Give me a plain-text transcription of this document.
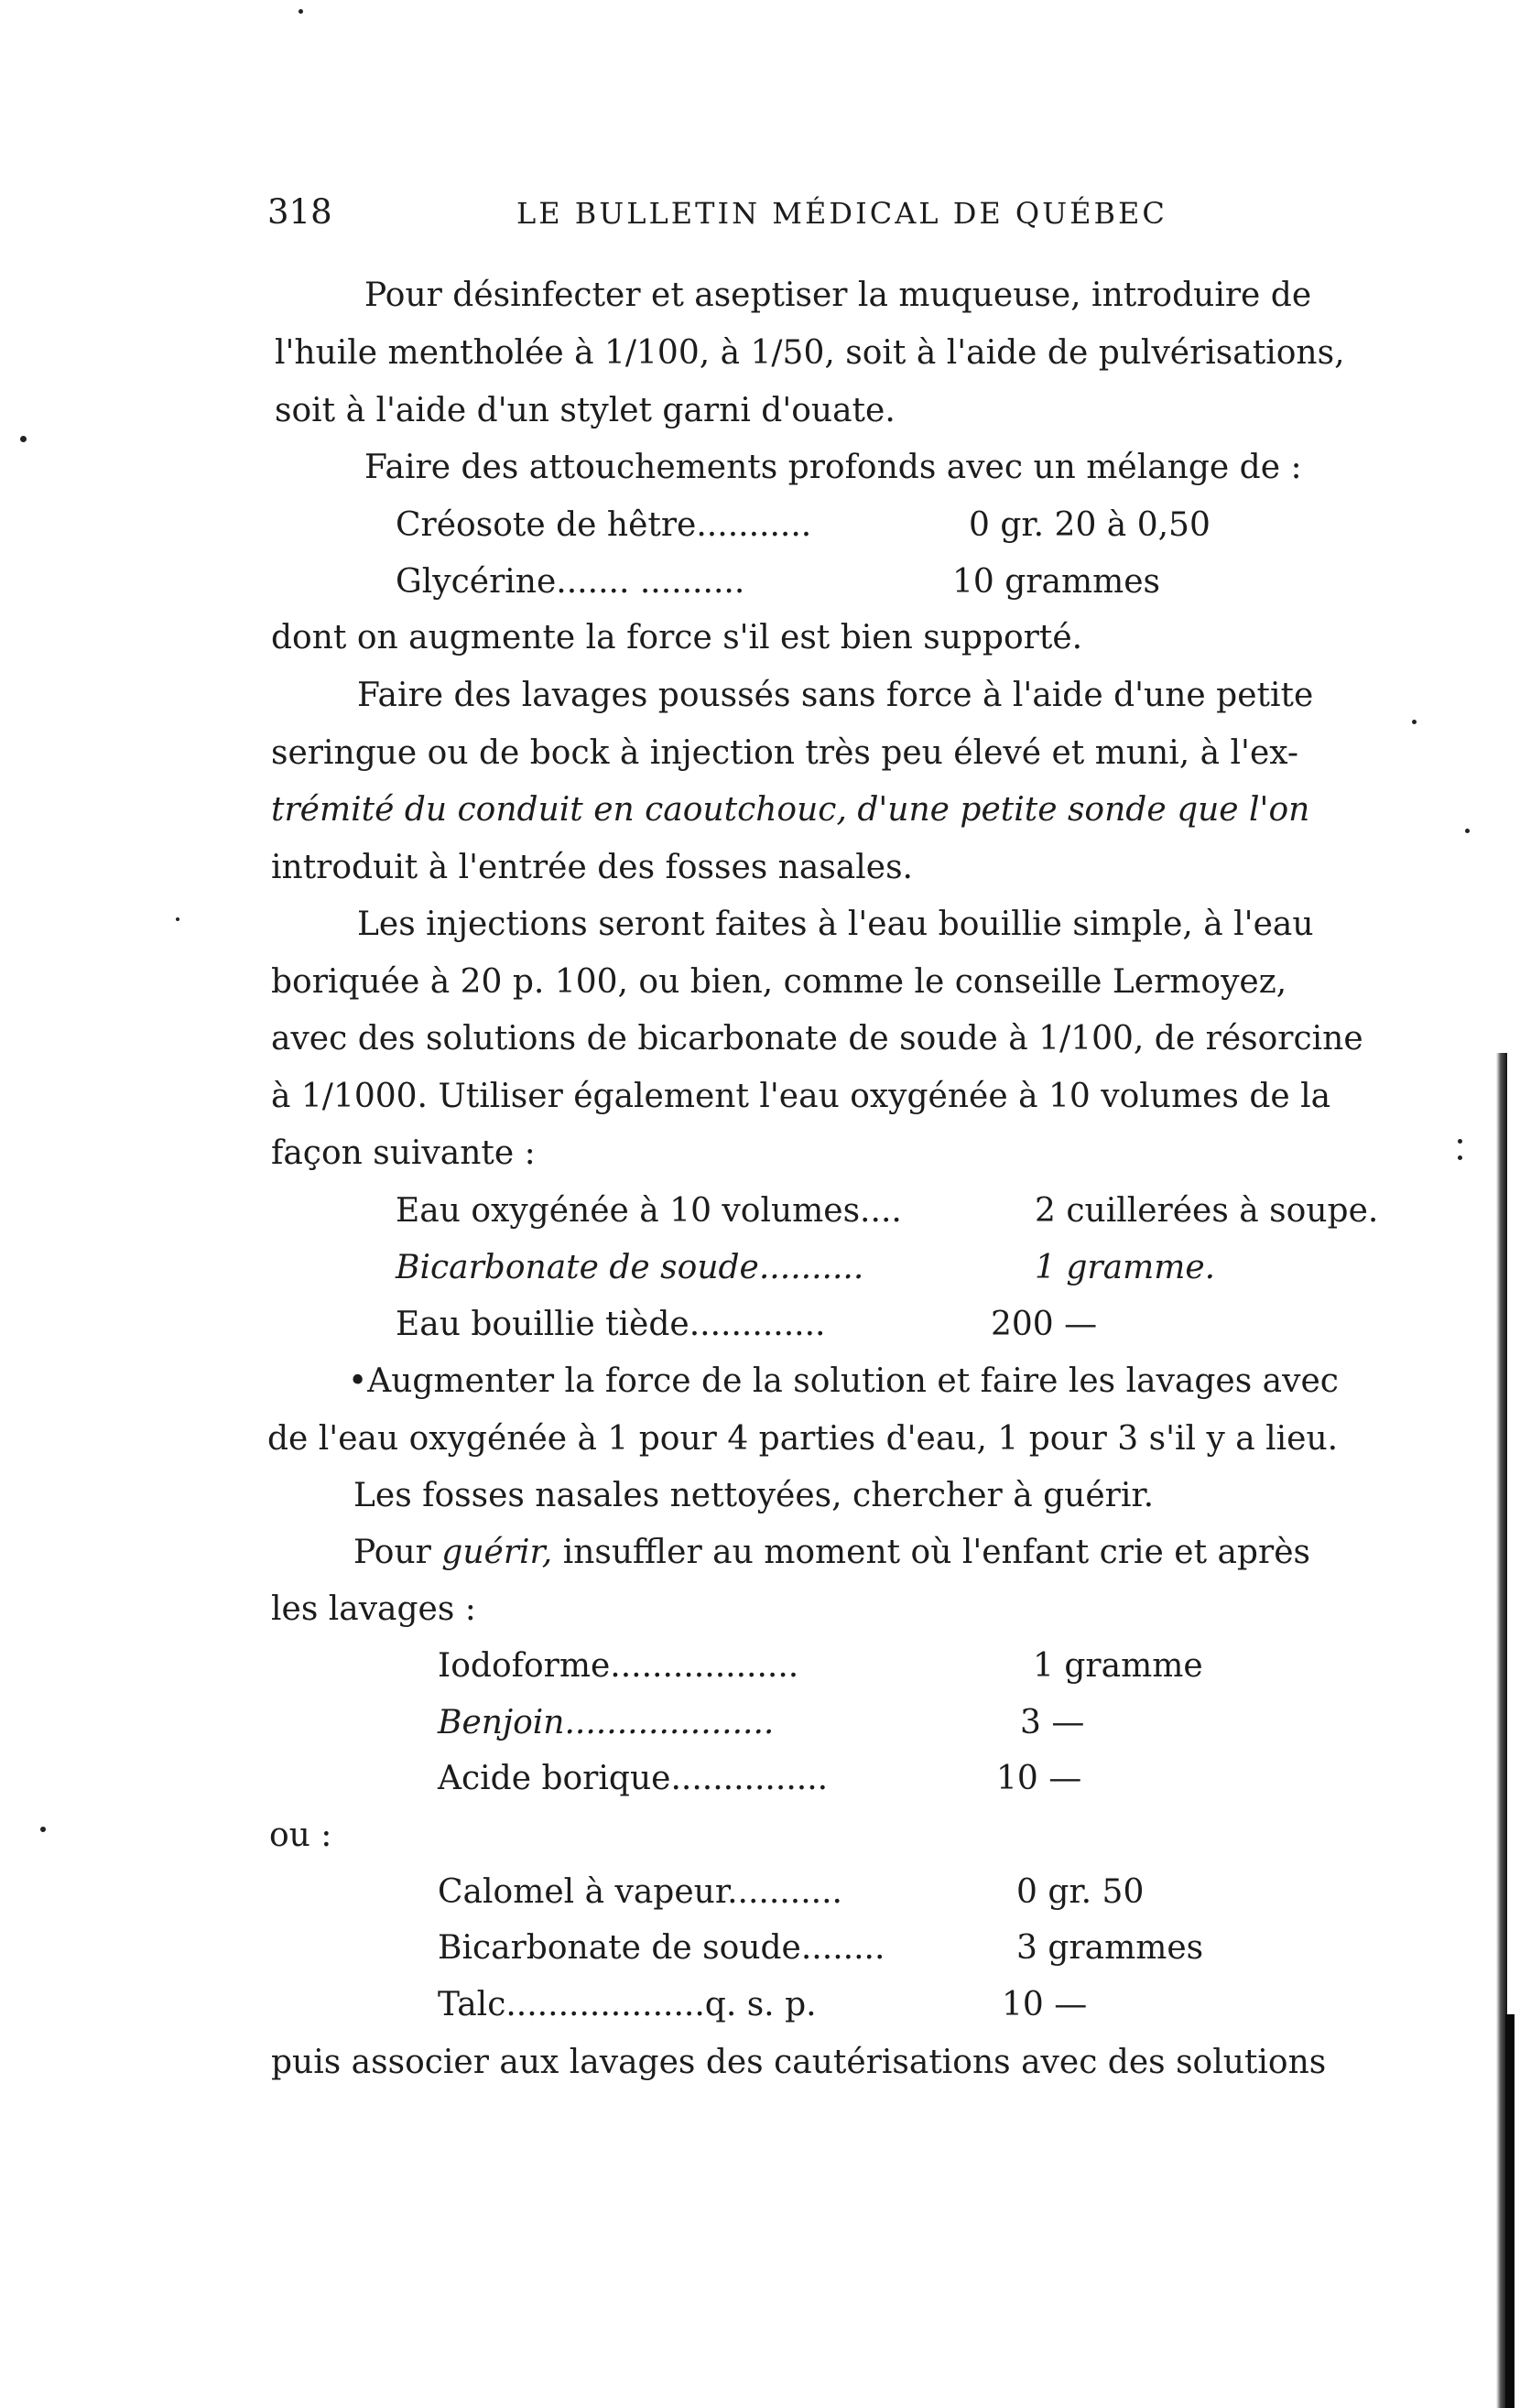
318	LE BULLETIN MÉDICAL DE QUÉBEC
Pour désinfecter et aseptiser la muqueuse, introduire de
l'huile mentholée à 1/100, à 1/50, soit à l'aide de pulvérisations,
soit à l'aide d'un stylet garni d'ouate.
Faire des attouchements profonds avec un mélange de :
Créosote de hêtre...........	0 gr. 20 à 0,50
Glycérine....... ..........	10 grammes
dont on augmente la force s'il est bien supporté.
Faire des lavages poussés sans force à l'aide d'une petite
seringue ou de bock à injection très peu élevé et muni, à l'ex-
trémité du conduit en caoutchouc, d'une petite sonde que l'on
introduit à l'entrée des fosses nasales.
Les injections seront faites à l'eau bouillie simple, à l'eau
boriquée à 20 p. 100, ou bien, comme le conseille Lermoyez,
avec des solutions de bicarbonate de soude à 1/100, de résorcine
à 1/1000. Utiliser également l'eau oxygénée à 10 volumes de la
façon suivante :
Eau oxygénée à 10 volumes....	2 cuillerées à soupe.
Bicarbonate de soude..........	1 gramme.
Eau bouillie tiède.............	200 —
•Augmenter la force de la solution et faire les lavages avec
de l'eau oxygénée à 1 pour 4 parties d'eau, 1 pour 3 s'il y a lieu.
Les fosses nasales nettoyées, chercher à guérir.
Pour guérir, insuffler au moment où l'enfant crie et après
les lavages :
Iodoforme..................	1 gramme
Benjoin....................	3 —
Acide borique...............	10 —
ou :
Calomel à vapeur...........	0 gr. 50
Bicarbonate de soude........	3 grammes
Talc...................q. s. p.	10 —
puis associer aux lavages des cautérisations avec des solutions
